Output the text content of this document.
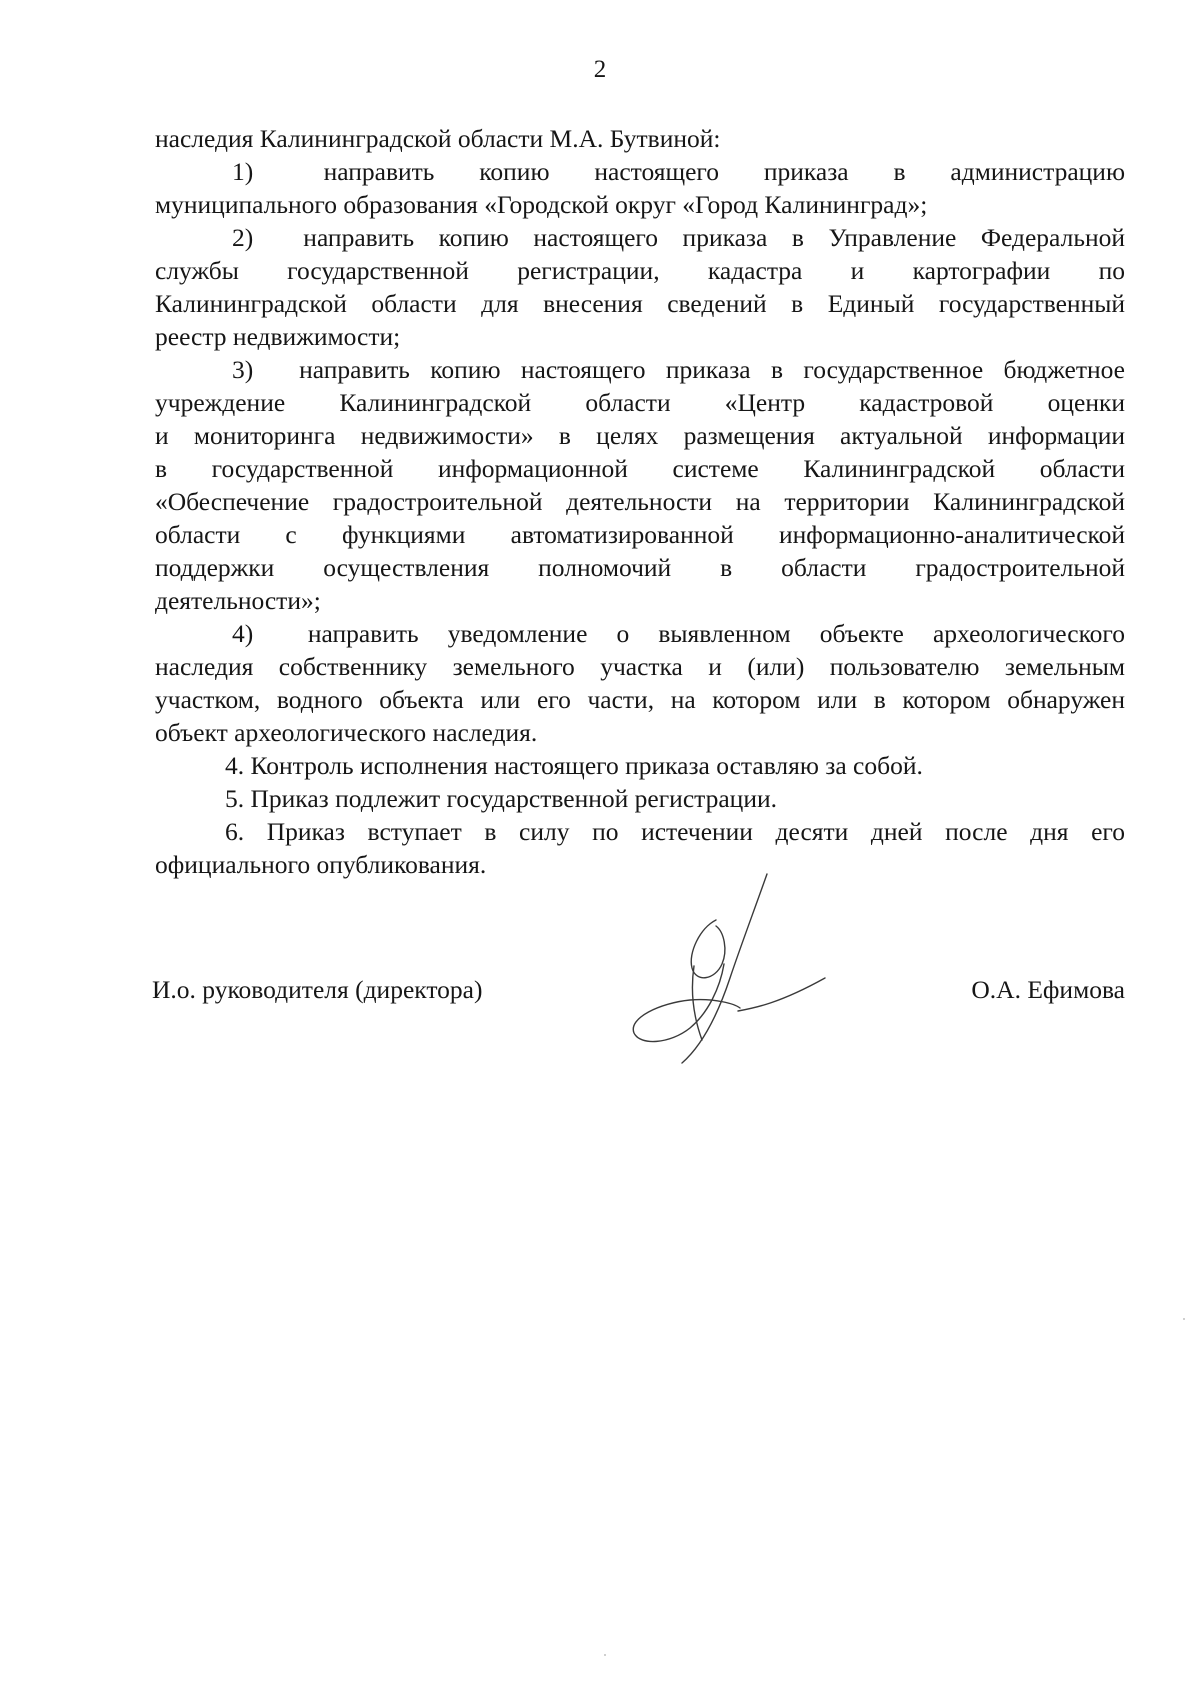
2
наследия Калининградской области М.А. Бутвиной:
1)  направить копию настоящего приказа в администрацию
муниципального образования «Городской округ «Город Калининград»;
2)  направить копию настоящего приказа в Управление Федеральной
службы государственной регистрации, кадастра и картографии по
Калининградской области для внесения сведений в Единый государственный
реестр недвижимости;
3)  направить копию настоящего приказа в государственное бюджетное
учреждение Калининградской области «Центр кадастровой оценки
и мониторинга недвижимости» в целях размещения актуальной информации
в государственной информационной системе Калининградской области
«Обеспечение градостроительной деятельности на территории Калининградской
области с функциями автоматизированной информационно-аналитической
поддержки осуществления полномочий в области градостроительной
деятельности»;
4)  направить уведомление о выявленном объекте археологического
наследия собственнику земельного участка и (или) пользователю земельным
участком, водного объекта или его части, на котором или в котором обнаружен
объект археологического наследия.
4. Контроль исполнения настоящего приказа оставляю за собой.
5. Приказ подлежит государственной регистрации.
6. Приказ вступает в силу по истечении десяти дней после дня его
официального опубликования.
И.о. руководителя (директора)	О.А. Ефимова
